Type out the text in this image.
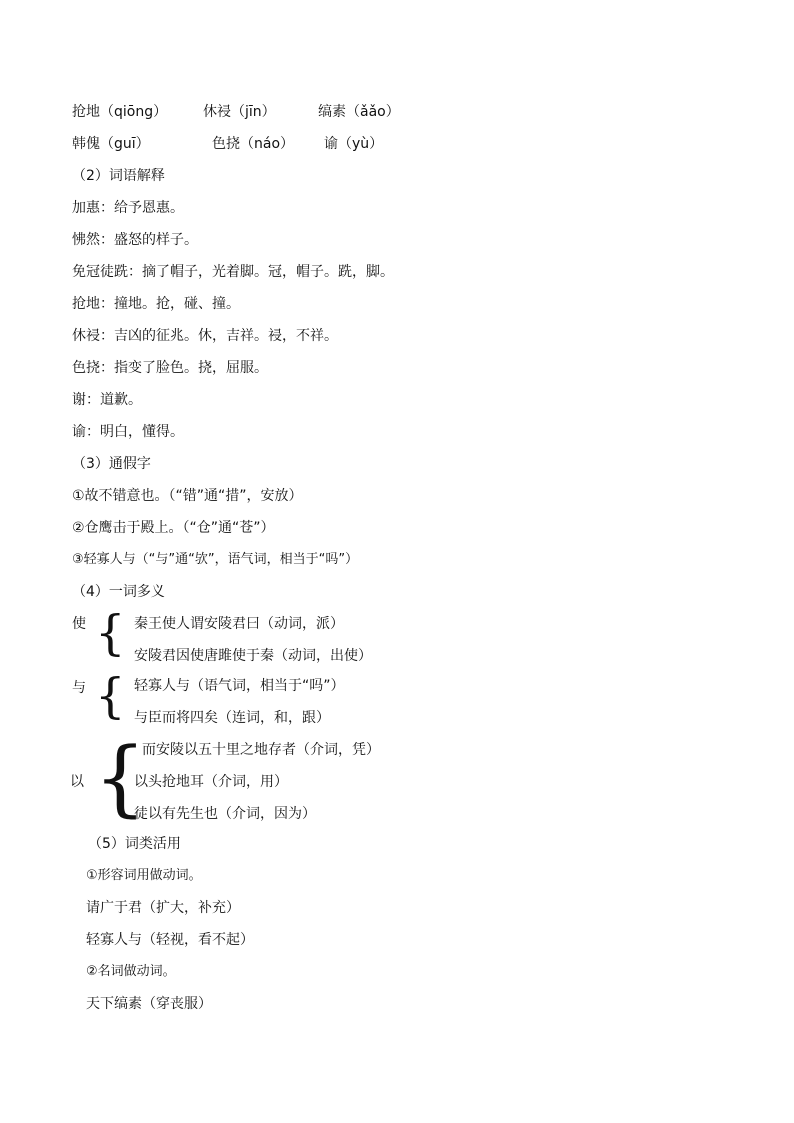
抢地（qiōng）	休祲（jīn）	缟素（ǎǎo）
韩傀（guī）	色挠（náo） 谕（yù）
（2）词语解释
加惠：给予恩惠。
怫然：盛怒的样子。
免冠徒跣：摘了帽子，光着脚。冠，帽子。跣，脚。
抢地：撞地。抢，碰、撞。
休祲：吉凶的征兆。休，吉祥。祲，不祥。
色挠：指变了脸色。挠，屈服。
谢：道歉。
谕：明白，懂得。
（3）通假字
①故不错意也。（“错”通“措”，安放）
②仓鹰击于殿上。（“仓”通“苍”）
③轻寡人与（“与”通“欤”，语气词，相当于“吗”）
（4）一词多义
使 { 秦王使人谓安陵君曰（动词，派）
安陵君因使唐雎使于秦（动词，出使）
与 { 轻寡人与（语气词，相当于“吗”）
与臣而将四矣（连词，和，跟）
以 {
而安陵以五十里之地存者（介词，凭）
以头抢地耳（介词，用）
徒以有先生也（介词，因为）
（5）词类活用
①形容词用做动词。
请广于君（扩大，补充）
轻寡人与（轻视，看不起）
②名词做动词。
天下缟素（穿丧服）
